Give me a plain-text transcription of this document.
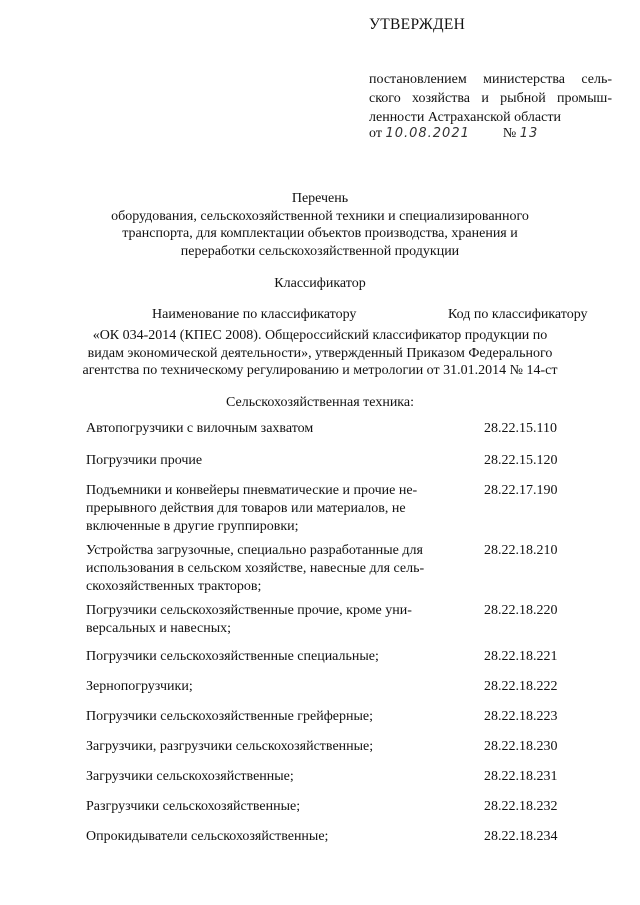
УТВЕРЖДЕН
постановлением министерства сель-
ского хозяйства и рыбной промыш-
ленности Астраханской области
от 10.08.2021 № 13
Перечень
оборудования, сельскохозяйственной техники и специализированного
транспорта, для комплектации объектов производства, хранения и
переработки сельскохозяйственной продукции
Классификатор
Наименование по классификатору	Код по классификатору
«ОК 034-2014 (КПЕС 2008). Общероссийский классификатор продукции по
видам экономической деятельности», утвержденный Приказом Федерального
агентства по техническому регулированию и метрологии от 31.01.2014 № 14-ст
Сельскохозяйственная техника:
Автопогрузчики с вилочным захватом	28.22.15.110
Погрузчики прочие	28.22.15.120
Подъемники и конвейеры пневматические и прочие не-
прерывного действия для товаров или материалов, не
включенные в другие группировки;
28.22.17.190
Устройства загрузочные, специально разработанные для
использования в сельском хозяйстве, навесные для сель-
скохозяйственных тракторов;
28.22.18.210
Погрузчики сельскохозяйственные прочие, кроме уни-
версальных и навесных;
28.22.18.220
Погрузчики сельскохозяйственные специальные;	28.22.18.221
Зернопогрузчики;	28.22.18.222
Погрузчики сельскохозяйственные грейферные;	28.22.18.223
Загрузчики, разгрузчики сельскохозяйственные;	28.22.18.230
Загрузчики сельскохозяйственные;	28.22.18.231
Разгрузчики сельскохозяйственные;	28.22.18.232
Опрокидыватели сельскохозяйственные;	28.22.18.234
